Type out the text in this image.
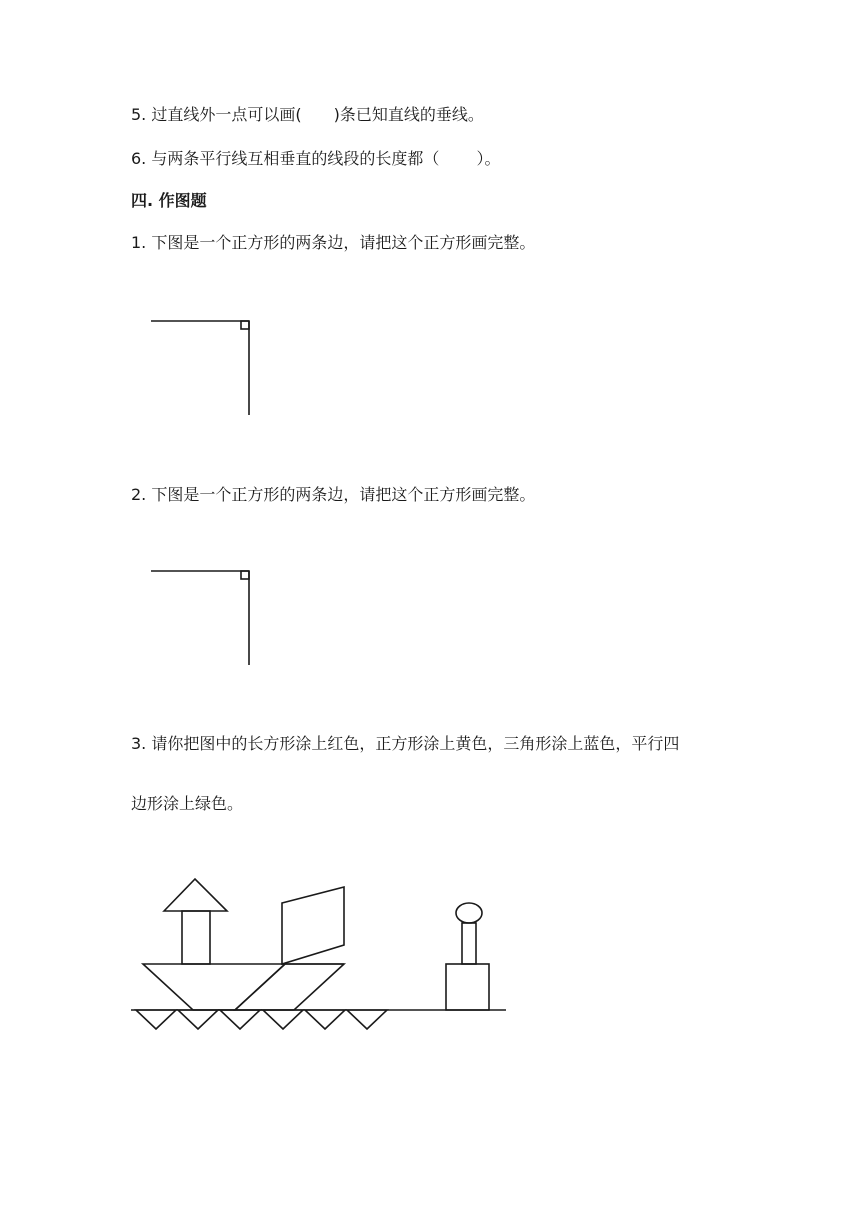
5. 过直线外一点可以画(　　)条已知直线的垂线。
6. 与两条平行线互相垂直的线段的长度都（　　 ）。
四. 作图题
1. 下图是一个正方形的两条边，请把这个正方形画完整。
2. 下图是一个正方形的两条边，请把这个正方形画完整。
3. 请你把图中的长方形涂上红色，正方形涂上黄色，三角形涂上蓝色，平行四
边形涂上绿色。
